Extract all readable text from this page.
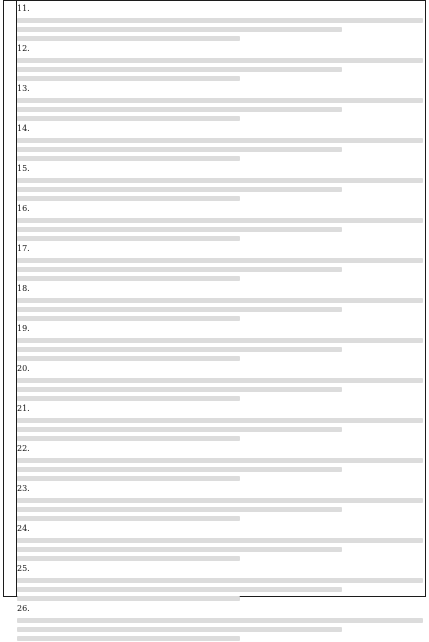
11.
12.
13.
14.
15.
16.
17.
18.
19.
20.
21.
22.
23.
24.
25.
26.
